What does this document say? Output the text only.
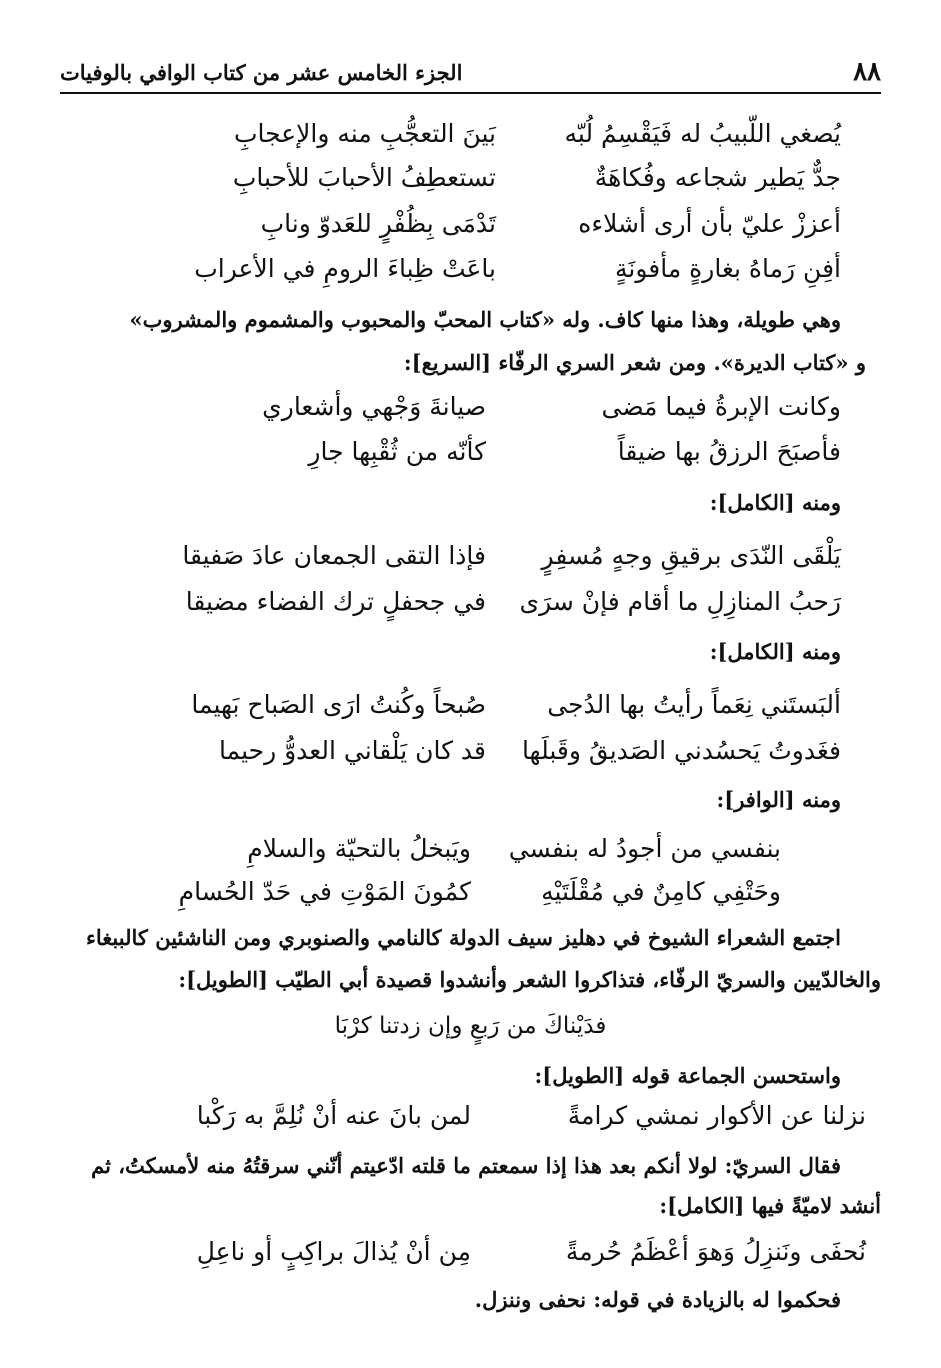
٨٨
الجزء الخامس عشر من كتاب الوافي بالوفيات
يُصغي اللّبيبُ له فَيَقْسِمُ لُبّه
بَينَ التعجُّبِ منه والإعجابِ
جدٌّ يَطير شجاعه وفُكاهَةٌ
تستعطِفُ الأحبابَ للأحبابِ
أعززْ عليّ بأن أرى أشلاءه
تَدْمَى بِظُفْرٍ للعَدوّ ونابِ
أفِنِ رَماهُ بغارةٍ مأفونَةٍ
باعَتْ ظِباءَ الرومِ في الأعراب
وهي طويلة، وهذا منها كاف. وله «كتاب المحبّ والمحبوب والمشموم والمشروب»
و «كتاب الديرة». ومن شعر السري الرفّاء [السريع]:
وكانت الإبرةُ فيما مَضى
صيانةَ وَجْهي وأشعاري
فأصبَحَ الرزقُ بها ضيقاً
كأنّه من ثُقْبِها جارِ
ومنه [الكامل]:
يَلْقَى النّدَى برقيقِ وجهٍ مُسفِرٍ
فإذا التقى الجمعان عادَ صَفيقا
رَحبُ المنازِلِ ما أقام فإنْ سرَى
في جحفلٍ ترك الفضاء مضيقا
ومنه [الكامل]:
ألبَستَني نِعَماً رأيتُ بها الدُجى
صُبحاً وكُنتُ ارَى الصَباح بَهيما
فغَدوتُ يَحسُدني الصَديقُ وقَبلَها
قد كان يَلْقاني العدوُّ رحيما
ومنه [الوافر]:
بنفسي من أجودُ له بنفسي
ويَبخلُ بالتحيّة والسلامِ
وحَتْفِي كامِنٌ في مُقْلَتَيْهِ
كمُونَ المَوْتِ في حَدّ الحُسامِ
اجتمع الشعراء الشيوخ في دهليز سيف الدولة كالنامي والصنوبري ومن الناشئين كالببغاء
والخالدّيين والسريّ الرفّاء، فتذاكروا الشعر وأنشدوا قصيدة أبي الطيّب [الطويل]:
فدَيْناكَ من رَبعٍ وإن زدتنا كرْبَا
واستحسن الجماعة قوله [الطويل]:
نزلنا عن الأكوار نمشي كرامةً
لمن بانَ عنه أنْ نُلِمَّ به رَكْبا
فقال السريّ: لولا أنكم بعد هذا إذا سمعتم ما قلته ادّعيتم أنّني سرقتُهُ منه لأمسكتُ، ثم
أنشد لاميّةً فيها [الكامل]:
نُحفَى ونَنزِلُ وَهوَ أعْظَمُ حُرمةً
مِن أنْ يُذالَ براكِبٍ أو ناعِلِ
فحكموا له بالزيادة في قوله: نحفى وننزل.
